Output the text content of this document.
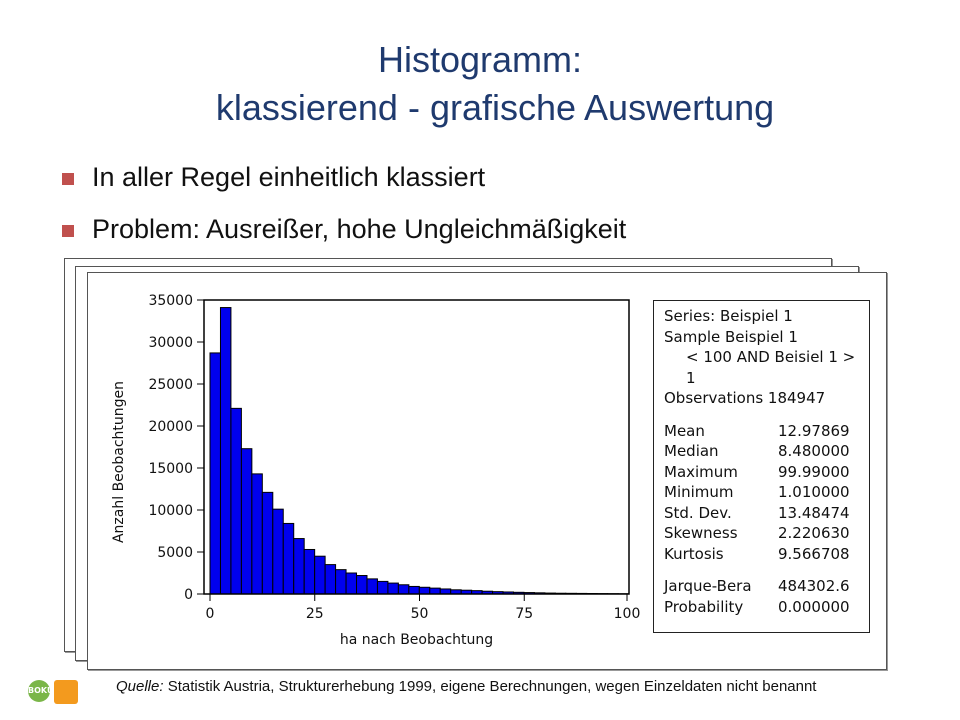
Histogramm:
klassierend - grafische Auswertung
In aller Regel einheitlich klassiert
Problem: Ausreißer, hohe Ungleichmäßigkeit
0
5000
10000
15000
20000
25000
30000
35000
0	25	50	75	100
ha nach Beobachtung
Anzahl Beobachtungen
Series: Beispiel 1
Sample Beispiel 1
< 100 AND Beisiel 1 >
1
Observations 184947
Mean	12.97869
Median	8.480000
Maximum	99.99000
Minimum	1.010000
Std. Dev.	13.48474
Skewness	2.220630
Kurtosis	9.566708
Jarque-Bera 484302.6
Probability 0.000000
BOKU	Quelle: Statistik Austria, Strukturerhebung 1999, eigene Berechnungen, wegen Einzeldaten nicht benannt
